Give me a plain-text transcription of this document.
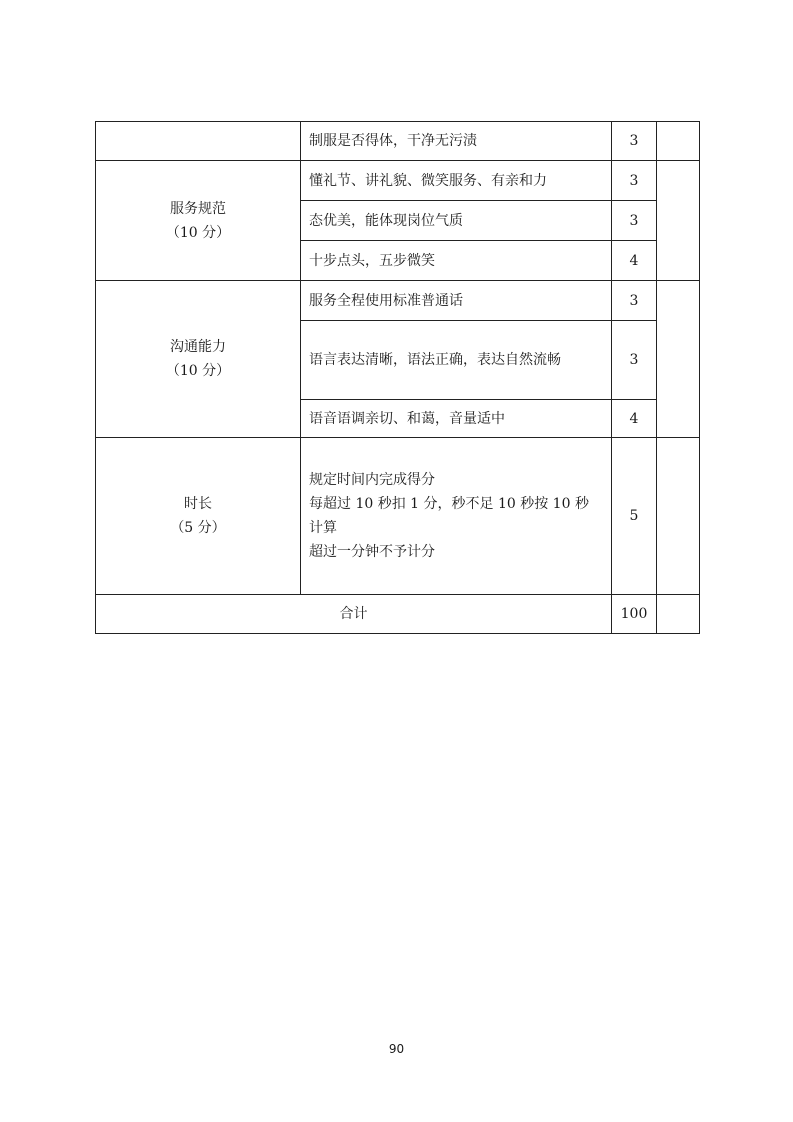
	制服是否得体，干净无污渍	3	

服务规范
（10 分）	懂礼节、讲礼貌、微笑服务、有亲和力	3	
	态优美，能体现岗位气质	3	
	十步点头，五步微笑	4	

沟通能力
（10 分）	服务全程使用标准普通话	3	
	语言表达清晰，语法正确，表达自然流畅	3	
	语音语调亲切、和蔼，音量适中	4	

时长
（5 分）	规定时间内完成得分
每超过 10 秒扣 1 分，秒不足 10 秒按 10 秒
计算
超过一分钟不予计分	5	
合计		100	
90
